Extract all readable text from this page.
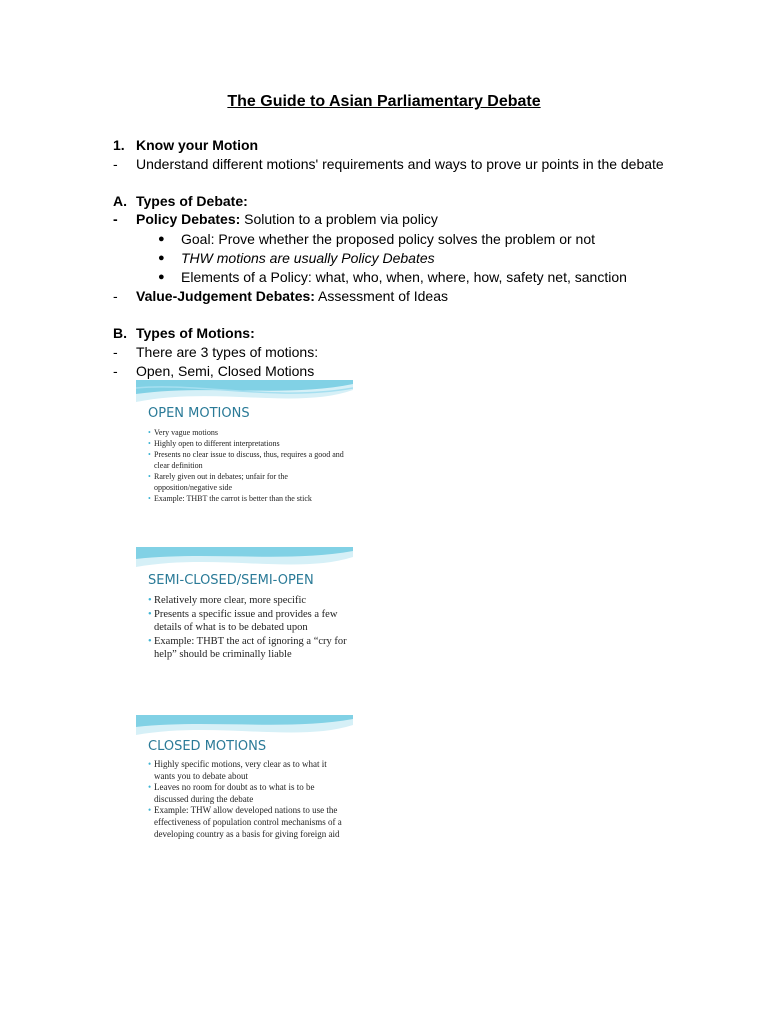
The Guide to Asian Parliamentary Debate
1. Know your Motion
- Understand different motions' requirements and ways to prove ur points in the debate
A. Types of Debate:
- Policy Debates: Solution to a problem via policy
● Goal: Prove whether the proposed policy solves the problem or not
● THW motions are usually Policy Debates
● Elements of a Policy: what, who, when, where, how, safety net, sanction
- Value-Judgement Debates: Assessment of Ideas
B. Types of Motions:
- There are 3 types of motions:
- Open, Semi, Closed Motions
OPEN MOTIONS
• Very vague motions
• Highly open to different interpretations
• Presents no clear issue to discuss, thus, requires a good and clear definition
• Rarely given out in debates; unfair for the opposition/negative side
• Example: THBT the carrot is better than the stick
SEMI-CLOSED/SEMI-OPEN
• Relatively more clear, more specific
• Presents a specific issue and provides a few details of what is to be debated upon
• Example: THBT the act of ignoring a “cry for help” should be criminally liable
CLOSED MOTIONS
• Highly specific motions, very clear as to what it wants you to debate about
• Leaves no room for doubt as to what is to be discussed during the debate
• Example: THW allow developed nations to use the effectiveness of population control mechanisms of a developing country as a basis for giving foreign aid
